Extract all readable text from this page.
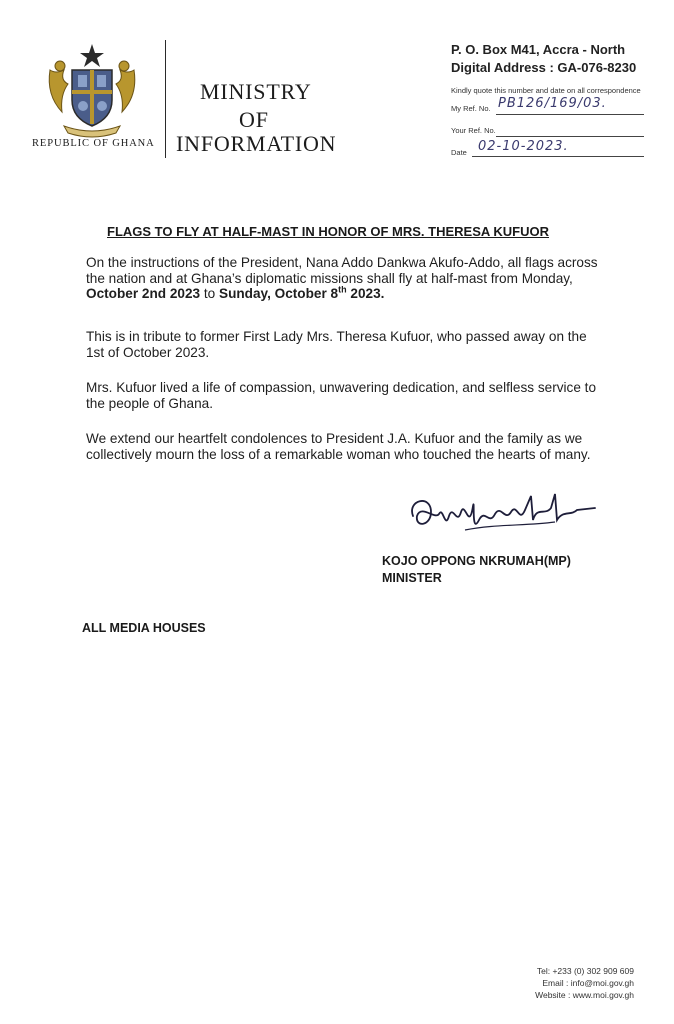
REPUBLIC OF GHANA
MINISTRY
OF
INFORMATION
P. O. Box M41, Accra - North
Digital Address : GA-076-8230
Kindly quote this number and date on all correspondence
My Ref. No. PB126/169/03.
Your Ref. No.
Date 02-10-2023.
FLAGS TO FLY AT HALF-MAST IN HONOR OF MRS. THERESA KUFUOR
On the instructions of the President, Nana Addo Dankwa Akufo-Addo, all flags across the nation and at Ghana’s diplomatic missions shall fly at half-mast from Monday, October 2nd 2023 to Sunday, October 8th 2023.
This is in tribute to former First Lady Mrs. Theresa Kufuor, who passed away on the 1st of October 2023.
Mrs. Kufuor lived a life of compassion, unwavering dedication, and selfless service to the people of Ghana.
We extend our heartfelt condolences to President J.A. Kufuor and the family as we collectively mourn the loss of a remarkable woman who touched the hearts of many.
KOJO OPPONG NKRUMAH(MP)
MINISTER
ALL MEDIA HOUSES
Tel: +233 (0) 302 909 609
Email : info@moi.gov.gh
Website : www.moi.gov.gh
